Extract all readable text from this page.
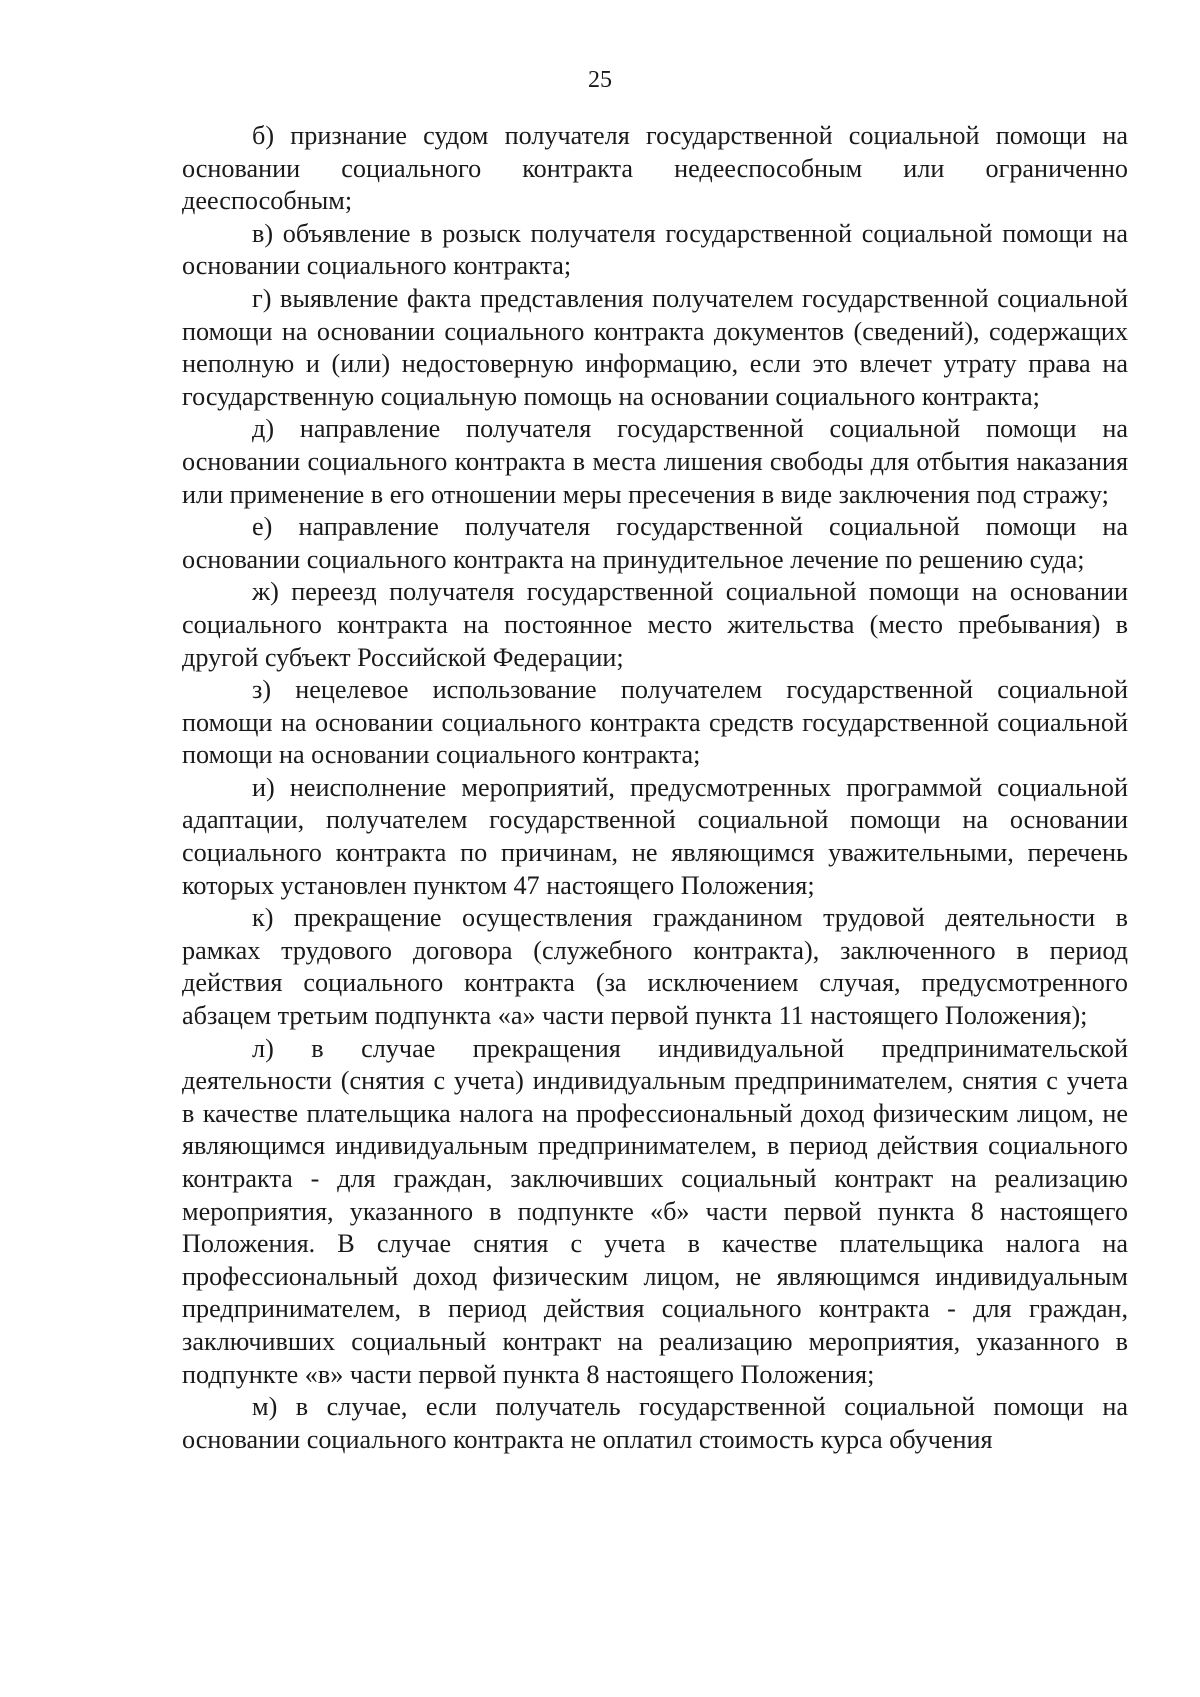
25

б) признание судом получателя государственной социальной помощи на основании социального контракта недееспособным или ограниченно дееспособным;

в) объявление в розыск получателя государственной социальной помощи на основании социального контракта;

г) выявление факта представления получателем государственной социальной помощи на основании социального контракта документов (сведений), содержащих неполную и (или) недостоверную информацию, если это влечет утрату права на государственную социальную помощь на основании социального контракта;

д) направление получателя государственной социальной помощи на основании социального контракта в места лишения свободы для отбытия наказания или применение в его отношении меры пресечения в виде заключения под стражу;

е) направление получателя государственной социальной помощи на основании социального контракта на принудительное лечение по решению суда;

ж) переезд получателя государственной социальной помощи на основании социального контракта на постоянное место жительства (место пребывания) в другой субъект Российской Федерации;

з) нецелевое использование получателем государственной социальной помощи на основании социального контракта средств государственной социальной помощи на основании социального контракта;

и) неисполнение мероприятий, предусмотренных программой социальной адаптации, получателем государственной социальной помощи на основании социального контракта по причинам, не являющимся уважительными, перечень которых установлен пунктом 47 настоящего Положения;

к) прекращение осуществления гражданином трудовой деятельности в рамках трудового договора (служебного контракта), заключенного в период действия социального контракта (за исключением случая, предусмотренного абзацем третьим подпункта «а» части первой пункта 11 настоящего Положения);

л) в случае прекращения индивидуальной предпринимательской деятельности (снятия с учета) индивидуальным предпринимателем, снятия с учета в качестве плательщика налога на профессиональный доход физическим лицом, не являющимся индивидуальным предпринимателем, в период действия социального контракта - для граждан, заключивших социальный контракт на реализацию мероприятия, указанного в подпункте «б» части первой пункта 8 настоящего Положения. В случае снятия с учета в качестве плательщика налога на профессиональный доход физическим лицом, не являющимся индивидуальным предпринимателем, в период действия социального контракта - для граждан, заключивших социальный контракт на реализацию мероприятия, указанного в подпункте «в» части первой пункта 8 настоящего Положения;

м) в случае, если получатель государственной социальной помощи на основании социального контракта не оплатил стоимость курса обучения
